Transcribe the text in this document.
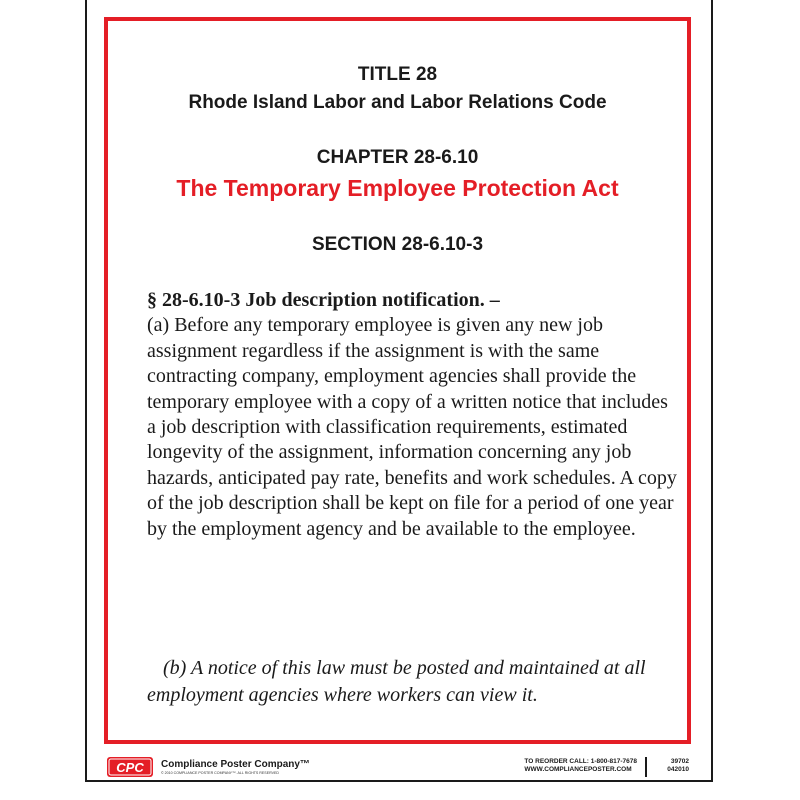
TITLE 28
Rhode Island Labor and Labor Relations Code
CHAPTER 28-6.10
The Temporary Employee Protection Act
SECTION 28-6.10-3
§ 28-6.10-3 Job description notification. –
(a) Before any temporary employee is given any new job assignment regardless if the assignment is with the same contracting company, employment agencies shall provide the temporary employee with a copy of a written notice that includes a job description with classification requirements, estimated longevity of the assignment, information concerning any job hazards, anticipated pay rate, benefits and work schedules. A copy of the job description shall be kept on file for a period of one year by the employment agency and be available to the employee.

(b) A notice of this law must be posted and maintained at all employment agencies where workers can view it.

CPC Compliance Poster Company™
© 2010 COMPLIANCE POSTER COMPANY™. ALL RIGHTS RESERVED
TO REORDER CALL: 1-800-817-7678
WWW.COMPLIANCEPOSTER.COM
39702
042010
